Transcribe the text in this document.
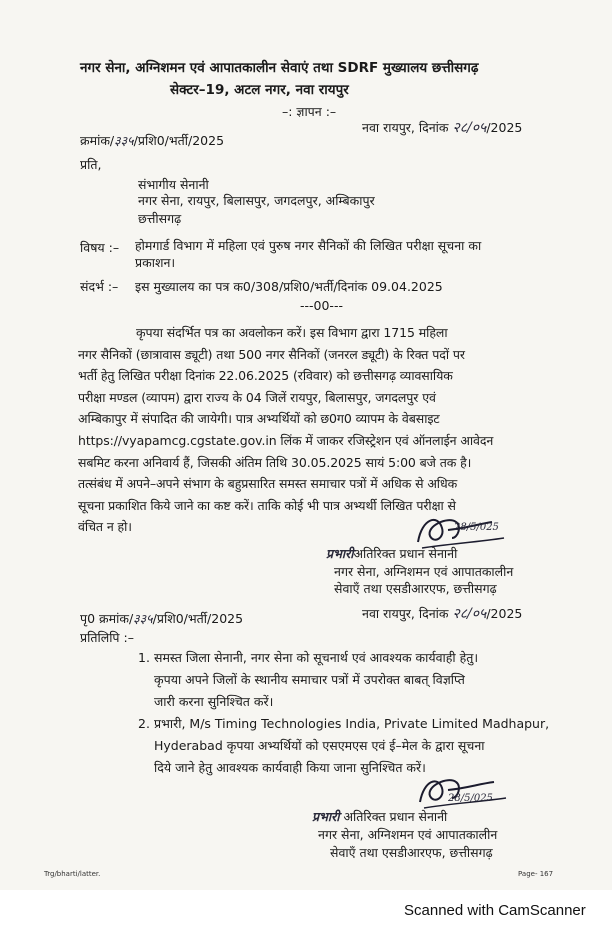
नगर सेना, अग्निशमन एवं आपातकालीन सेवाएं तथा SDRF मुख्यालय छत्तीसगढ़
सेक्टर–19, अटल नगर, नवा रायपुर
–: ज्ञापन :–
क्रमांक/३३५/प्रशि0/भर्ती/2025
नवा रायपुर, दिनांक २८/०५/2025
प्रति,
संभागीय सेनानी
नगर सेना, रायपुर, बिलासपुर, जगदलपुर, अम्बिकापुर
छत्तीसगढ़
विषय :– होमगार्ड विभाग में महिला एवं पुरुष नगर सैनिकों की लिखित परीक्षा सूचना का
प्रकाशन।
संदर्भ :– इस मुख्यालय का पत्र क0/308/प्रशि0/भर्ती/दिनांक 09.04.2025
---00---
कृपया संदर्भित पत्र का अवलोकन करें। इस विभाग द्वारा 1715 महिला
नगर सैनिकों (छात्रावास ड्यूटी) तथा 500 नगर सैनिकों (जनरल ड्यूटी) के रिक्त पदों पर
भर्ती हेतु लिखित परीक्षा दिनांक 22.06.2025 (रविवार) को छत्तीसगढ़ व्यावसायिक
परीक्षा मण्डल (व्यापम) द्वारा राज्य के 04 जिलें रायपुर, बिलासपुर, जगदलपुर एवं
अम्बिकापुर में संपादित की जायेगी। पात्र अभ्यर्थियों को छ0ग0 व्यापम के वेबसाइट
https://vyapamcg.cgstate.gov.in लिंक में जाकर रजिस्ट्रेशन एवं ऑनलाईन आवेदन
सबमिट करना अनिवार्य हैं, जिसकी अंतिम तिथि 30.05.2025 सायं 5:00 बजे तक है।
तत्संबंध में अपने–अपने संभाग के बहुप्रसारित समस्त समाचार पत्रों में अधिक से अधिक
सूचना प्रकाशित किये जाने का कष्ट करें। ताकि कोई भी पात्र अभ्यर्थी लिखित परीक्षा से
वंचित न हो।	28/5/025
प्रभारीअतिरिक्त प्रधान सेनानी
नगर सेना, अग्निशमन एवं आपातकालीन
सेवाएँ तथा एसडीआरएफ, छत्तीसगढ़
पृ0 क्रमांक/३३५/प्रशि0/भर्ती/2025	नवा रायपुर, दिनांक २८/०५/2025
प्रतिलिपि :–
1. समस्त जिला सेनानी, नगर सेना को सूचनार्थ एवं आवश्यक कार्यवाही हेतु।
कृपया अपने जिलों के स्थानीय समाचार पत्रों में उपरोक्त बाबत् विज्ञप्ति
जारी करना सुनिश्चित करें।
2. प्रभारी, M/s Timing Technologies India, Private Limited Madhapur,
Hyderabad कृपया अभ्यर्थियों को एसएमएस एवं ई–मेल के द्वारा सूचना
दिये जाने हेतु आवश्यक कार्यवाही किया जाना सुनिश्चित करें।
28/5/025
प्रभारी अतिरिक्त प्रधान सेनानी
नगर सेना, अग्निशमन एवं आपातकालीन
सेवाएँ तथा एसडीआरएफ, छत्तीसगढ़
Trg/bharti/latter.	Page- 167
Scanned with CamScanner
